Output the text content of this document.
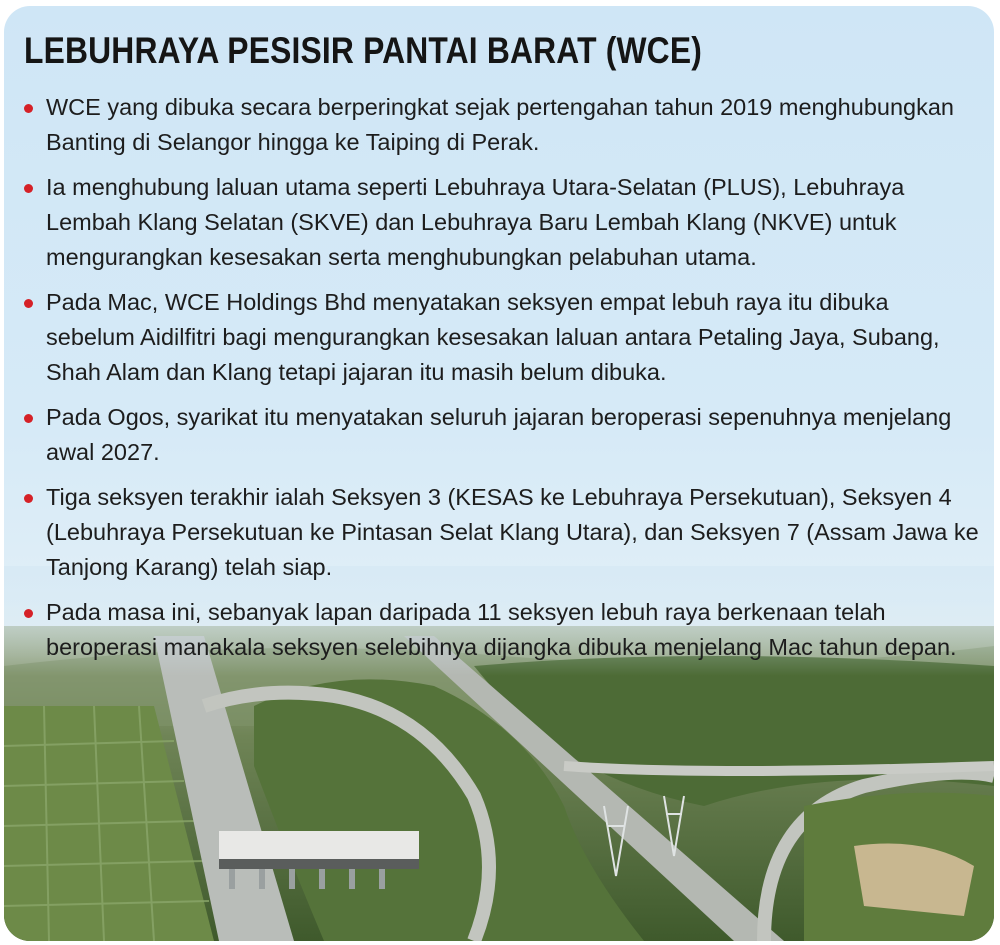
LEBUHRAYA PESISIR PANTAI BARAT (WCE)
WCE yang dibuka secara berperingkat sejak pertengahan tahun 2019 menghubungkan Banting di Selangor hingga ke Taiping di Perak.
Ia menghubung laluan utama seperti Lebuhraya Utara-Selatan (PLUS), Lebuhraya Lembah Klang Selatan (SKVE) dan Lebuhraya Baru Lembah Klang (NKVE) untuk mengurangkan kesesakan serta menghubungkan pelabuhan utama.
Pada Mac, WCE Holdings Bhd menyatakan seksyen empat lebuh raya itu dibuka sebelum Aidilfitri bagi mengurangkan kesesakan laluan antara Petaling Jaya, Subang, Shah Alam dan Klang tetapi jajaran itu masih belum dibuka.
Pada Ogos, syarikat itu menyatakan seluruh jajaran beroperasi sepenuhnya menjelang awal 2027.
Tiga seksyen terakhir ialah Seksyen 3 (KESAS ke Lebuhraya Persekutuan), Seksyen 4 (Lebuhraya Persekutuan ke Pintasan Selat Klang Utara), dan Seksyen 7 (Assam Jawa ke Tanjong Karang) telah siap.
Pada masa ini, sebanyak lapan daripada 11 seksyen lebuh raya berkenaan telah beroperasi manakala seksyen selebihnya dijangka dibuka menjelang Mac tahun depan.
